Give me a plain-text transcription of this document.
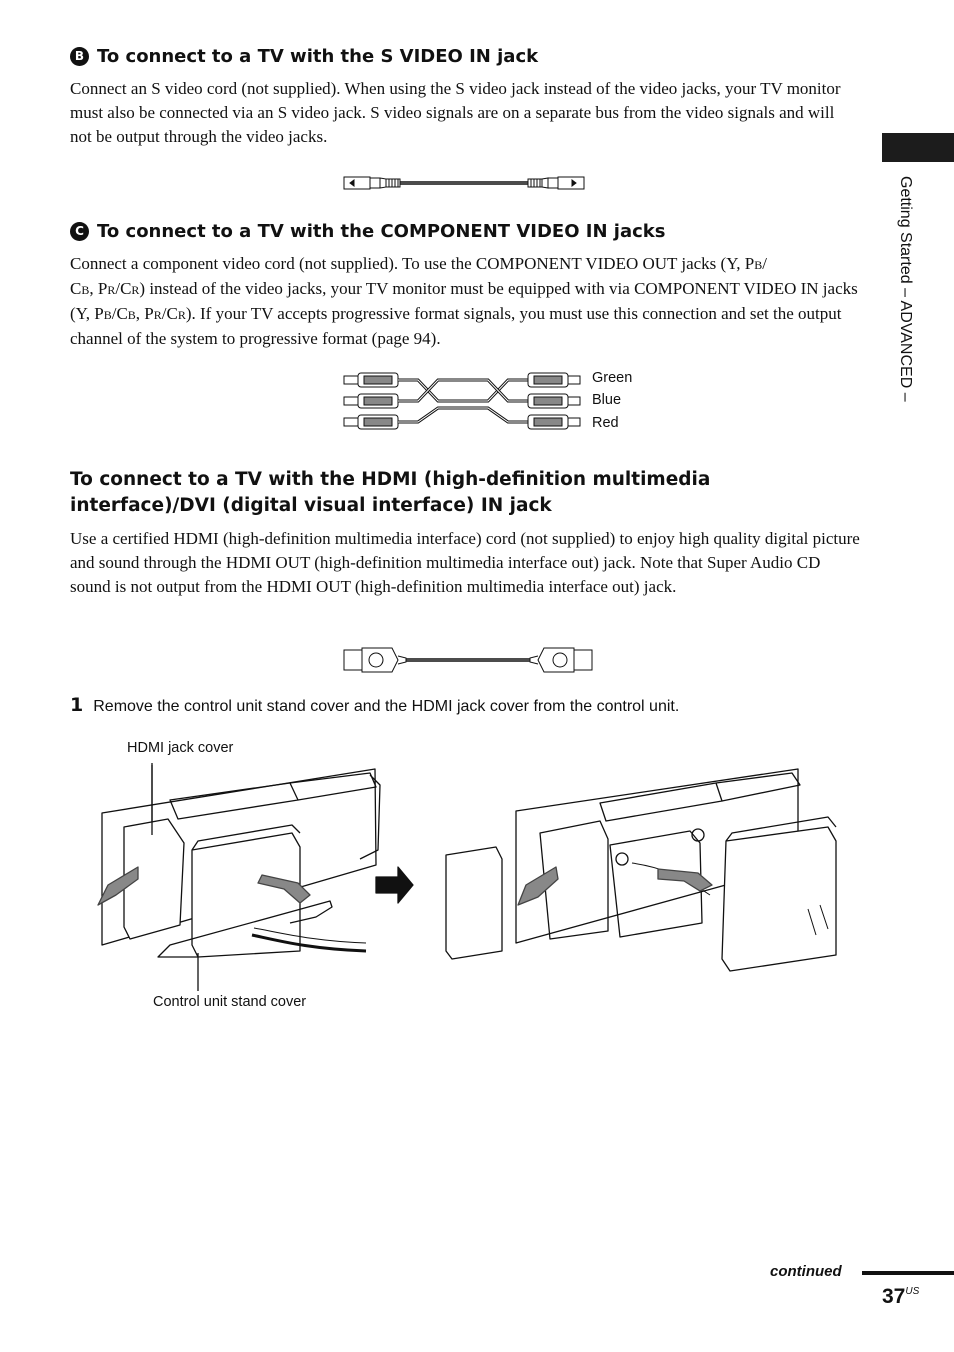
Getting Started – ADVANCED –
B To connect to a TV with the S VIDEO IN jack
Connect an S video cord (not supplied). When using the S video jack instead of the video jacks, your TV monitor must also be connected via an S video jack. S video signals are on a separate bus from the video signals and will not be output through the video jacks.
C To connect to a TV with the COMPONENT VIDEO IN jacks
Connect a component video cord (not supplied). To use the COMPONENT VIDEO OUT jacks (Y, PB/
CB, PR/CR) instead of the video jacks, your TV monitor must be equipped with via COMPONENT VIDEO IN jacks (Y, PB/CB, PR/CR). If your TV accepts progressive format signals, you must use this connection and set the output channel of the system to progressive format (page 94).
Green
Blue
Red
To connect to a TV with the HDMI (high-definition multimedia
interface)/DVI (digital visual interface) IN jack
Use a certified HDMI (high-definition multimedia interface) cord (not supplied) to enjoy high quality digital picture and sound through the HDMI OUT (high-definition multimedia interface out) jack. Note that Super Audio CD sound is not output from the HDMI OUT (high-definition multimedia interface out) jack.
1 Remove the control unit stand cover and the HDMI jack cover from the control unit.
HDMI jack cover
Control unit stand cover
continued
$37^{US}$
